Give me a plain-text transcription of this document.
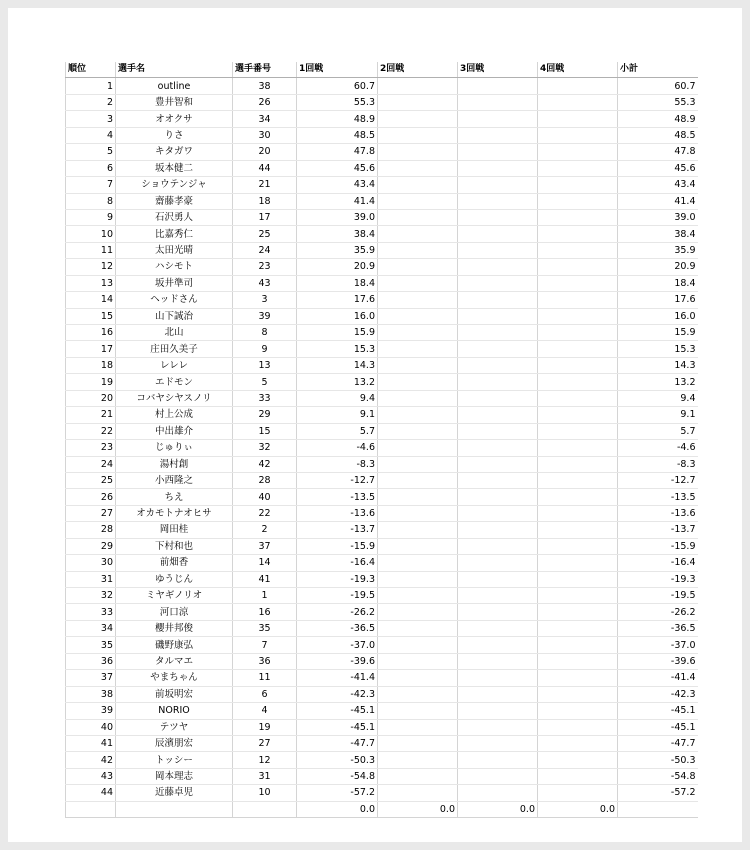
順位	選手名	選手番号	1回戦	2回戦	3回戦	4回戦	小計
1	outline	38	60.7				60.7
2	豊井智和	26	55.3				55.3
3	オオクサ	34	48.9				48.9
4	りさ	30	48.5				48.5
5	キタガワ	20	47.8				47.8
6	坂本健二	44	45.6				45.6
7	ショウテンジャ	21	43.4				43.4
8	齋藤孝豪	18	41.4				41.4
9	石沢勇人	17	39.0				39.0
10	比嘉秀仁	25	38.4				38.4
11	太田光晴	24	35.9				35.9
12	ハシモト	23	20.9				20.9
13	坂井準司	43	18.4				18.4
14	ヘッドさん	3	17.6				17.6
15	山下誠治	39	16.0				16.0
16	北山	8	15.9				15.9
17	庄田久美子	9	15.3				15.3
18	レレレ	13	14.3				14.3
19	エドモン	5	13.2				13.2
20	コバヤシヤスノリ	33	9.4				9.4
21	村上公成	29	9.1				9.1
22	中出雄介	15	5.7				5.7
23	じゅりぃ	32	-4.6				-4.6
24	湯村創	42	-8.3				-8.3
25	小西隆之	28	-12.7				-12.7
26	ちえ	40	-13.5				-13.5
27	オカモトナオヒサ	22	-13.6				-13.6
28	岡田桂	2	-13.7				-13.7
29	下村和也	37	-15.9				-15.9
30	前畑香	14	-16.4				-16.4
31	ゆうじん	41	-19.3				-19.3
32	ミヤギノリオ	1	-19.5				-19.5
33	河口涼	16	-26.2				-26.2
34	櫻井邦俊	35	-36.5				-36.5
35	磯野康弘	7	-37.0				-37.0
36	タルマエ	36	-39.6				-39.6
37	やまちゃん	11	-41.4				-41.4
38	前坂明宏	6	-42.3				-42.3
39	NORIO	4	-45.1				-45.1
40	テツヤ	19	-45.1				-45.1
41	辰濱朋宏	27	-47.7				-47.7
42	トッシー	12	-50.3				-50.3
43	岡本理志	31	-54.8				-54.8
44	近藤卓児	10	-57.2				-57.2
			0.0	0.0	0.0	0.0	
